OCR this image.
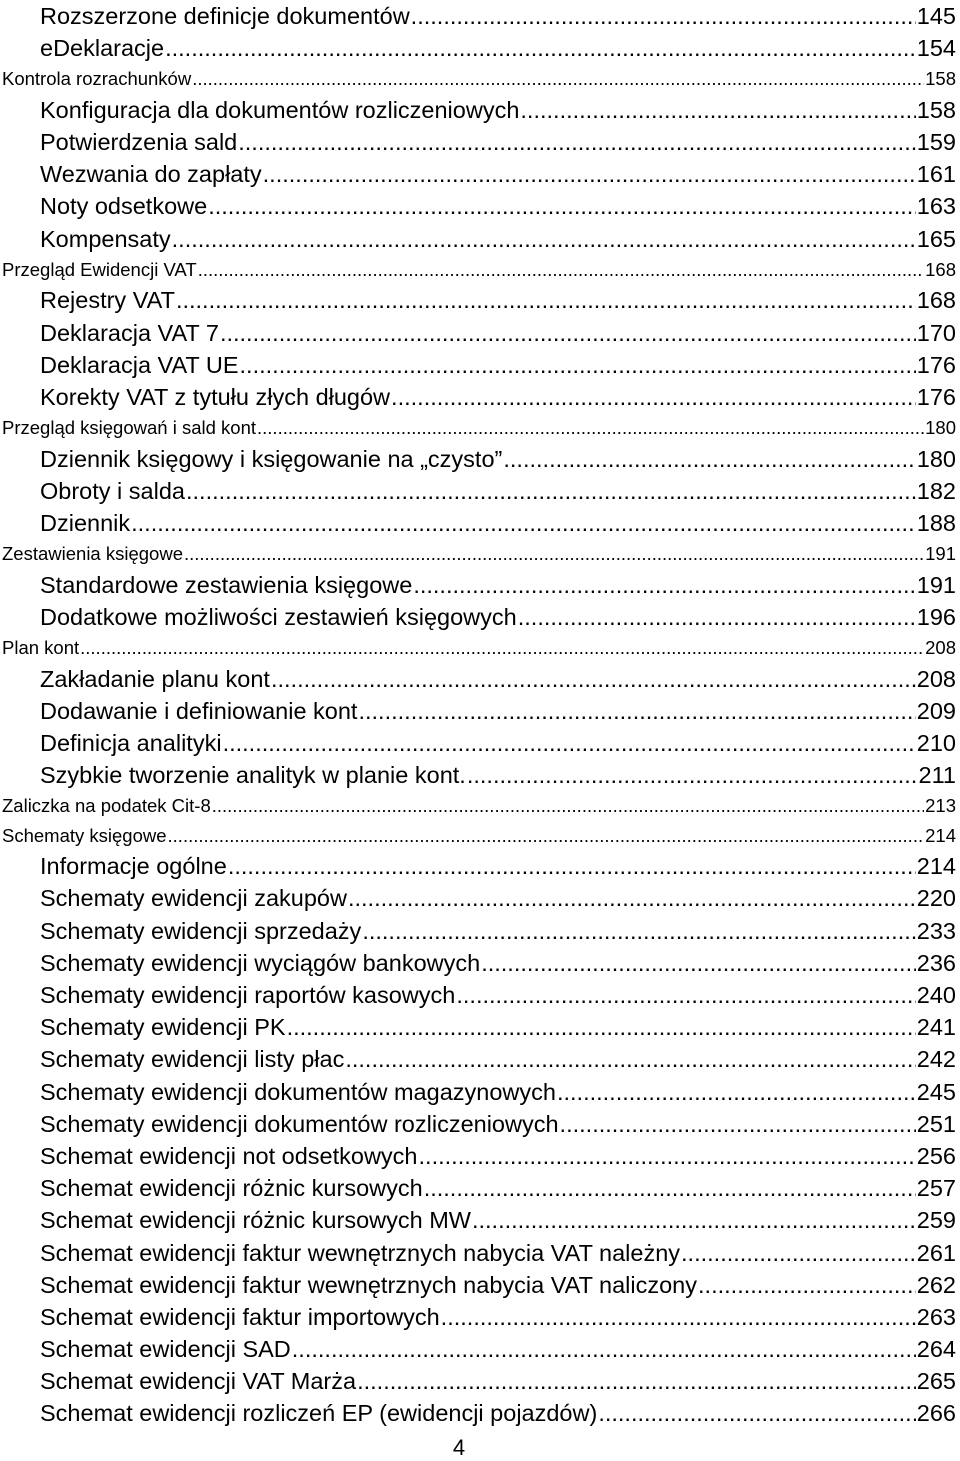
Rozszerzone definicje dokumentów .....	145
eDeklaracje .....	154
Kontrola rozrachunków .....	158
Konfiguracja dla dokumentów rozliczeniowych .....	158
Potwierdzenia sald .....	159
Wezwania do zapłaty .....	161
Noty odsetkowe .....	163
Kompensaty .....	165
Przegląd Ewidencji VAT .....	168
Rejestry VAT .....	168
Deklaracja VAT 7 .....	170
Deklaracja VAT UE .....	176
Korekty VAT z tytułu złych długów .....	176
Przegląd księgowań i sald kont .....	180
Dziennik księgowy i księgowanie na „czysto” .....	180
Obroty i salda .....	182
Dziennik .....	188
Zestawienia księgowe .....	191
Standardowe zestawienia księgowe .....	191
Dodatkowe możliwości zestawień księgowych .....	196
Plan kont .....	208
Zakładanie planu kont .....	208
Dodawanie i definiowanie kont .....	209
Definicja analityki .....	210
Szybkie tworzenie analityk w planie kont. .....	211
Zaliczka na podatek Cit-8 .....	213
Schematy księgowe .....	214
Informacje ogólne .....	214
Schematy ewidencji zakupów .....	220
Schematy ewidencji sprzedaży .....	233
Schematy ewidencji wyciągów bankowych .....	236
Schematy ewidencji raportów kasowych .....	240
Schematy ewidencji PK .....	241
Schematy ewidencji listy płac .....	242
Schematy ewidencji dokumentów magazynowych .....	245
Schematy ewidencji dokumentów rozliczeniowych .....	251
Schemat ewidencji not odsetkowych .....	256
Schemat ewidencji różnic kursowych .....	257
Schemat ewidencji różnic kursowych MW .....	259
Schemat ewidencji faktur wewnętrznych nabycia VAT należny .....	261
Schemat ewidencji faktur wewnętrznych nabycia VAT naliczony .....	262
Schemat ewidencji faktur importowych .....	263
Schemat ewidencji SAD .....	264
Schemat ewidencji VAT Marża .....	265
Schemat ewidencji rozliczeń EP (ewidencji pojazdów) .....	266
4
